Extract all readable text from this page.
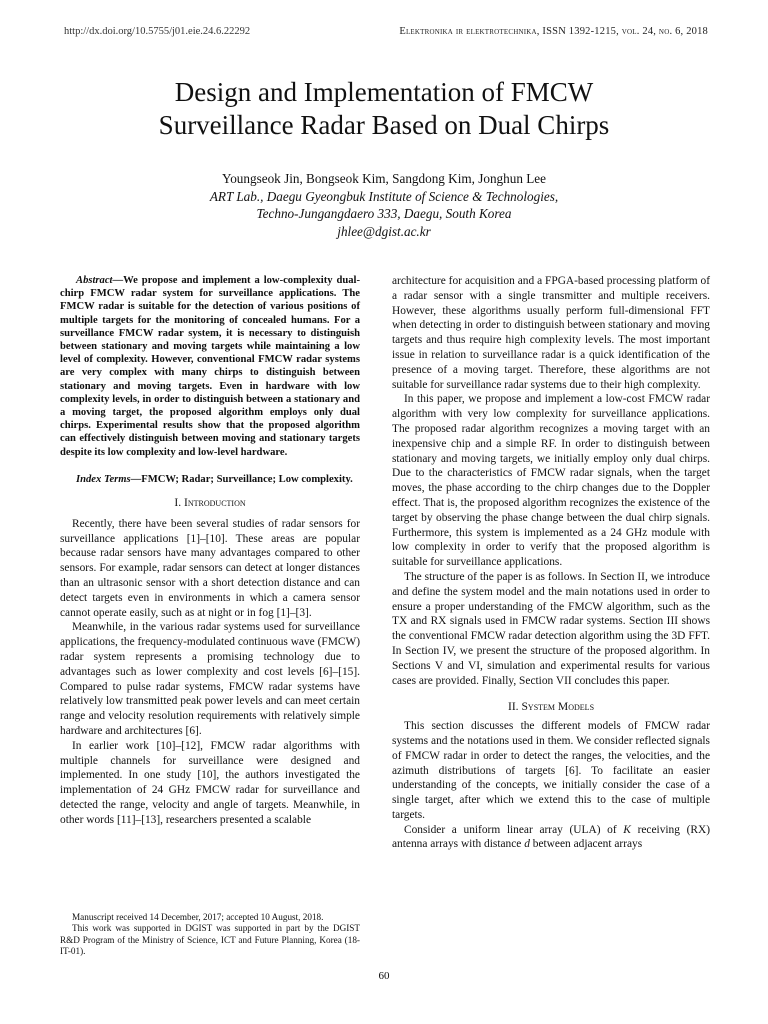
http://dx.doi.org/10.5755/j01.eie.24.6.22292	Elektronika ir elektrotechnika, ISSN 1392-1215, vol. 24, no. 6, 2018
Design and Implementation of FMCW
Surveillance Radar Based on Dual Chirps
Youngseok Jin, Bongseok Kim, Sangdong Kim, Jonghun Lee
ART Lab., Daegu Gyeongbuk Institute of Science & Technologies,
Techno-Jungangdaero 333, Daegu, South Korea
jhlee@dgist.ac.kr

Abstract—We propose and implement a low-complexity dual-chirp FMCW radar system for surveillance applications. The FMCW radar is suitable for the detection of various positions of multiple targets for the monitoring of concealed humans. For a surveillance FMCW radar system, it is necessary to distinguish between stationary and moving targets while maintaining a low level of complexity. However, conventional FMCW radar systems are very complex with many chirps to distinguish between stationary and moving targets. Even in hardware with low complexity levels, in order to distinguish between a stationary and a moving target, the proposed algorithm employs only dual chirps. Experimental results show that the proposed algorithm can effectively distinguish between moving and stationary targets despite its low complexity and low-level hardware.

Index Terms—FMCW; Radar; Surveillance; Low complexity.

I. Introduction

Recently, there have been several studies of radar sensors for surveillance applications [1]–[10]. These areas are popular because radar sensors have many advantages compared to other sensors. For example, radar sensors can detect at longer distances than an ultrasonic sensor with a short detection distance and can detect targets even in environments in which a camera sensor cannot operate easily, such as at night or in fog [1]–[3].

Meanwhile, in the various radar systems used for surveillance applications, the frequency-modulated continuous wave (FMCW) radar system represents a promising technology due to advantages such as lower complexity and cost levels [6]–[15]. Compared to pulse radar systems, FMCW radar systems have relatively low transmitted peak power levels and can meet certain range and velocity resolution requirements with relatively simple hardware and architectures [6].

In earlier work [10]–[12], FMCW radar algorithms with multiple channels for surveillance were designed and implemented. In one study [10], the authors investigated the implementation of 24 GHz FMCW radar for surveillance and detected the range, velocity and angle of targets. Meanwhile, in other words [11]–[13], researchers presented a scalable

architecture for acquisition and a FPGA-based processing platform of a radar sensor with a single transmitter and multiple receivers. However, these algorithms usually perform full-dimensional FFT when detecting in order to distinguish between stationary and moving targets and thus require high complexity levels. The most important issue in relation to surveillance radar is a quick identification of the presence of a moving target. Therefore, these algorithms are not suitable for surveillance radar systems due to their high complexity.

In this paper, we propose and implement a low-cost FMCW radar algorithm with very low complexity for surveillance applications. The proposed radar algorithm recognizes a moving target with an inexpensive chip and a simple RF. In order to distinguish between stationary and moving targets, we initially employ only dual chirps. Due to the characteristics of FMCW radar signals, when the target moves, the phase according to the chirp changes due to the Doppler effect. That is, the proposed algorithm recognizes the existence of the target by observing the phase change between the dual chirp signals. Furthermore, this system is implemented as a 24 GHz module with low complexity in order to verify that the proposed algorithm is suitable for surveillance applications.

The structure of the paper is as follows. In Section II, we introduce and define the system model and the main notations used in order to ensure a proper understanding of the FMCW algorithm, such as the TX and RX signals used in FMCW radar systems. Section III shows the conventional FMCW radar detection algorithm using the 3D FFT. In Section IV, we present the structure of the proposed algorithm. In Sections V and VI, simulation and experimental results for various cases are provided. Finally, Section VII concludes this paper.

II. System Models

This section discusses the different models of FMCW radar systems and the notations used in them. We consider reflected signals of FMCW radar in order to detect the ranges, the velocities, and the azimuth distributions of targets [6]. To facilitate an easier understanding of the concepts, we initially consider the case of a single target, after which we extend this to the case of multiple targets.

Consider a uniform linear array (ULA) of K receiving (RX) antenna arrays with distance d between adjacent arrays

Manuscript received 14 December, 2017; accepted 10 August, 2018.

This work was supported in DGIST was supported in part by the DGIST R&D Program of the Ministry of Science, ICT and Future Planning, Korea (18-IT-01).

60
